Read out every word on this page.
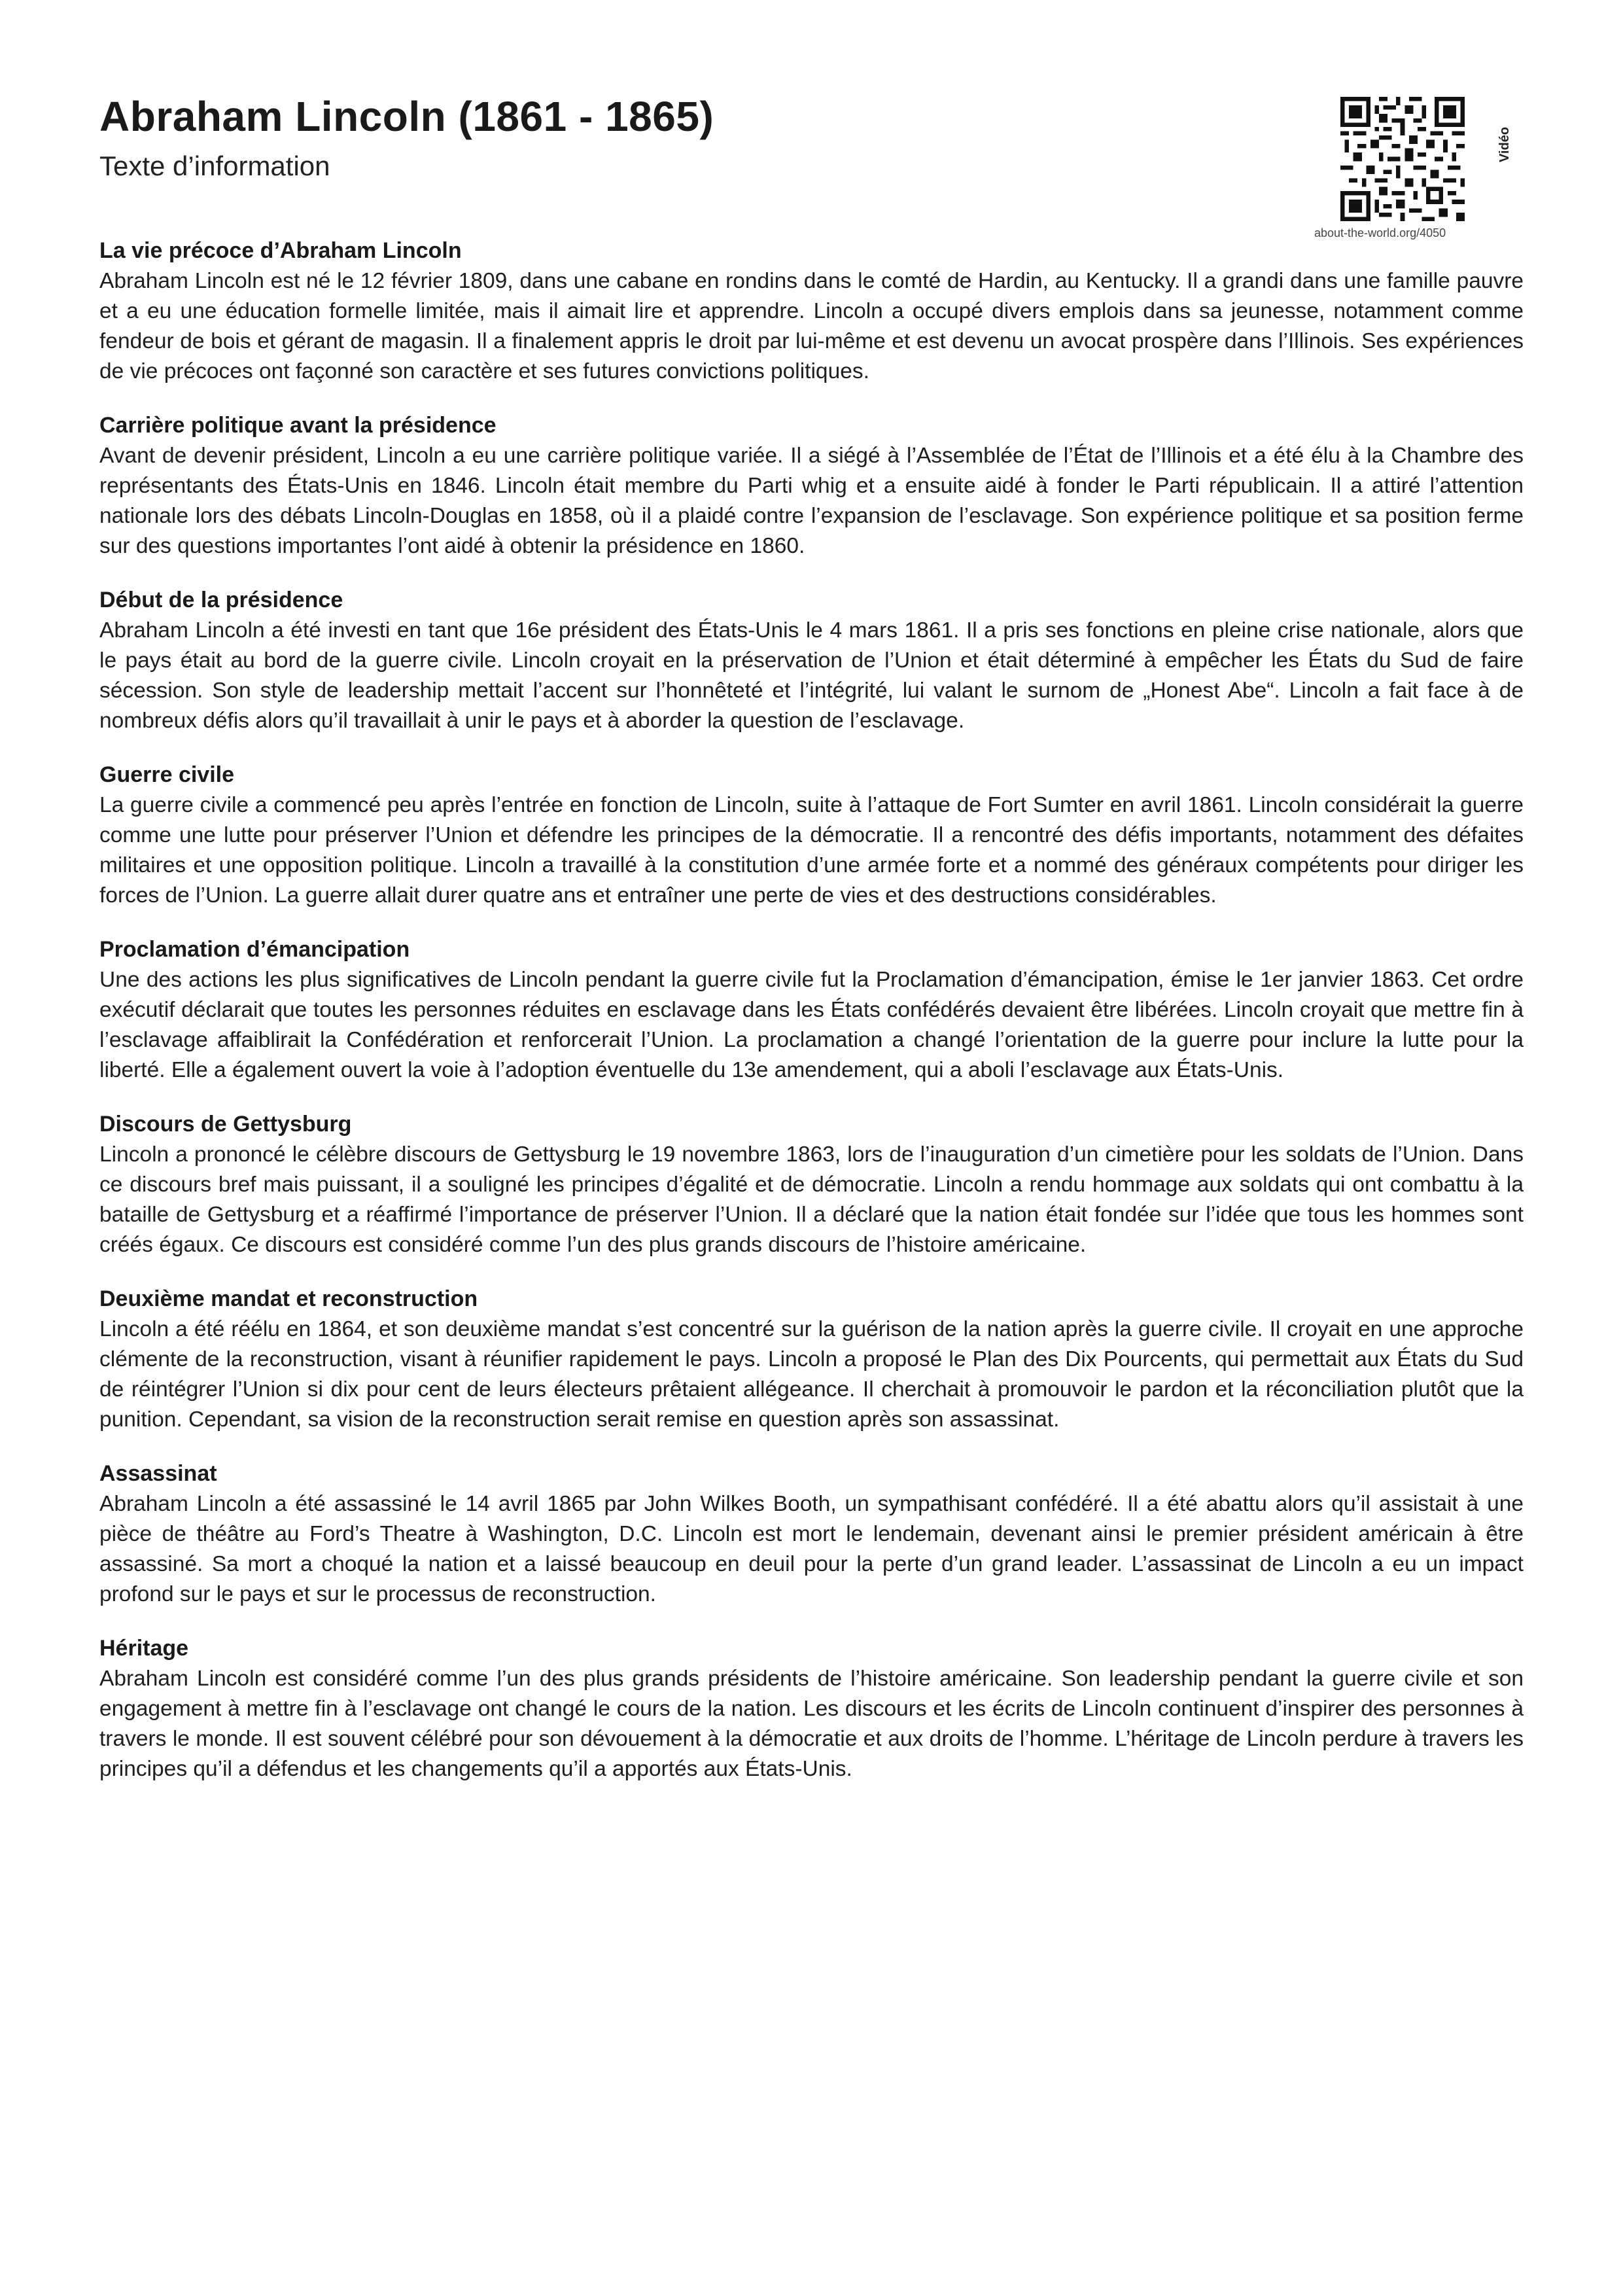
Abraham Lincoln (1861 - 1865)

Texte d’information

Vidéo
about-the-world.org/4050
La vie précoce d’Abraham Lincoln

Abraham Lincoln est né le 12 février 1809, dans une cabane en rondins dans le comté de Hardin, au Kentucky. Il a grandi dans une famille pauvre et a eu une éducation formelle limitée, mais il aimait lire et apprendre. Lincoln a occupé divers emplois dans sa jeunesse, notamment comme fendeur de bois et gérant de magasin. Il a finalement appris le droit par lui-même et est devenu un avocat prospère dans l’Illinois. Ses expériences de vie précoces ont façonné son caractère et ses futures convictions politiques.

Carrière politique avant la présidence

Avant de devenir président, Lincoln a eu une carrière politique variée. Il a siégé à l’Assemblée de l’État de l’Illinois et a été élu à la Chambre des représentants des États-Unis en 1846. Lincoln était membre du Parti whig et a ensuite aidé à fonder le Parti républicain. Il a attiré l’attention nationale lors des débats Lincoln-Douglas en 1858, où il a plaidé contre l’expansion de l’esclavage. Son expérience politique et sa position ferme sur des questions importantes l’ont aidé à obtenir la présidence en 1860.

Début de la présidence

Abraham Lincoln a été investi en tant que 16e président des États-Unis le 4 mars 1861. Il a pris ses fonctions en pleine crise nationale, alors que le pays était au bord de la guerre civile. Lincoln croyait en la préservation de l’Union et était déterminé à empêcher les États du Sud de faire sécession. Son style de leadership mettait l’accent sur l’honnêteté et l’intégrité, lui valant le surnom de „Honest Abe“. Lincoln a fait face à de nombreux défis alors qu’il travaillait à unir le pays et à aborder la question de l’esclavage.

Guerre civile

La guerre civile a commencé peu après l’entrée en fonction de Lincoln, suite à l’attaque de Fort Sumter en avril 1861. Lincoln considérait la guerre comme une lutte pour préserver l’Union et défendre les principes de la démocratie. Il a rencontré des défis importants, notamment des défaites militaires et une opposition politique. Lincoln a travaillé à la constitution d’une armée forte et a nommé des généraux compétents pour diriger les forces de l’Union. La guerre allait durer quatre ans et entraîner une perte de vies et des destructions considérables.

Proclamation d’émancipation

Une des actions les plus significatives de Lincoln pendant la guerre civile fut la Proclamation d’émancipation, émise le 1er janvier 1863. Cet ordre exécutif déclarait que toutes les personnes réduites en esclavage dans les États confédérés devaient être libérées. Lincoln croyait que mettre fin à l’esclavage affaiblirait la Confédération et renforcerait l’Union. La proclamation a changé l’orientation de la guerre pour inclure la lutte pour la liberté. Elle a également ouvert la voie à l’adoption éventuelle du 13e amendement, qui a aboli l’esclavage aux États-Unis.

Discours de Gettysburg

Lincoln a prononcé le célèbre discours de Gettysburg le 19 novembre 1863, lors de l’inauguration d’un cimetière pour les soldats de l’Union. Dans ce discours bref mais puissant, il a souligné les principes d’égalité et de démocratie. Lincoln a rendu hommage aux soldats qui ont combattu à la bataille de Gettysburg et a réaffirmé l’importance de préserver l’Union. Il a déclaré que la nation était fondée sur l’idée que tous les hommes sont créés égaux. Ce discours est considéré comme l’un des plus grands discours de l’histoire américaine.

Deuxième mandat et reconstruction

Lincoln a été réélu en 1864, et son deuxième mandat s’est concentré sur la guérison de la nation après la guerre civile. Il croyait en une approche clémente de la reconstruction, visant à réunifier rapidement le pays. Lincoln a proposé le Plan des Dix Pourcents, qui permettait aux États du Sud de réintégrer l’Union si dix pour cent de leurs électeurs prêtaient allégeance. Il cherchait à promouvoir le pardon et la réconciliation plutôt que la punition. Cependant, sa vision de la reconstruction serait remise en question après son assassinat.

Assassinat

Abraham Lincoln a été assassiné le 14 avril 1865 par John Wilkes Booth, un sympathisant confédéré. Il a été abattu alors qu’il assistait à une pièce de théâtre au Ford’s Theatre à Washington, D.C. Lincoln est mort le lendemain, devenant ainsi le premier président américain à être assassiné. Sa mort a choqué la nation et a laissé beaucoup en deuil pour la perte d’un grand leader. L’assassinat de Lincoln a eu un impact profond sur le pays et sur le processus de reconstruction.

Héritage

Abraham Lincoln est considéré comme l’un des plus grands présidents de l’histoire américaine. Son leadership pendant la guerre civile et son engagement à mettre fin à l’esclavage ont changé le cours de la nation. Les discours et les écrits de Lincoln continuent d’inspirer des personnes à travers le monde. Il est souvent célébré pour son dévouement à la démocratie et aux droits de l’homme. L’héritage de Lincoln perdure à travers les principes qu’il a défendus et les changements qu’il a apportés aux États-Unis.
